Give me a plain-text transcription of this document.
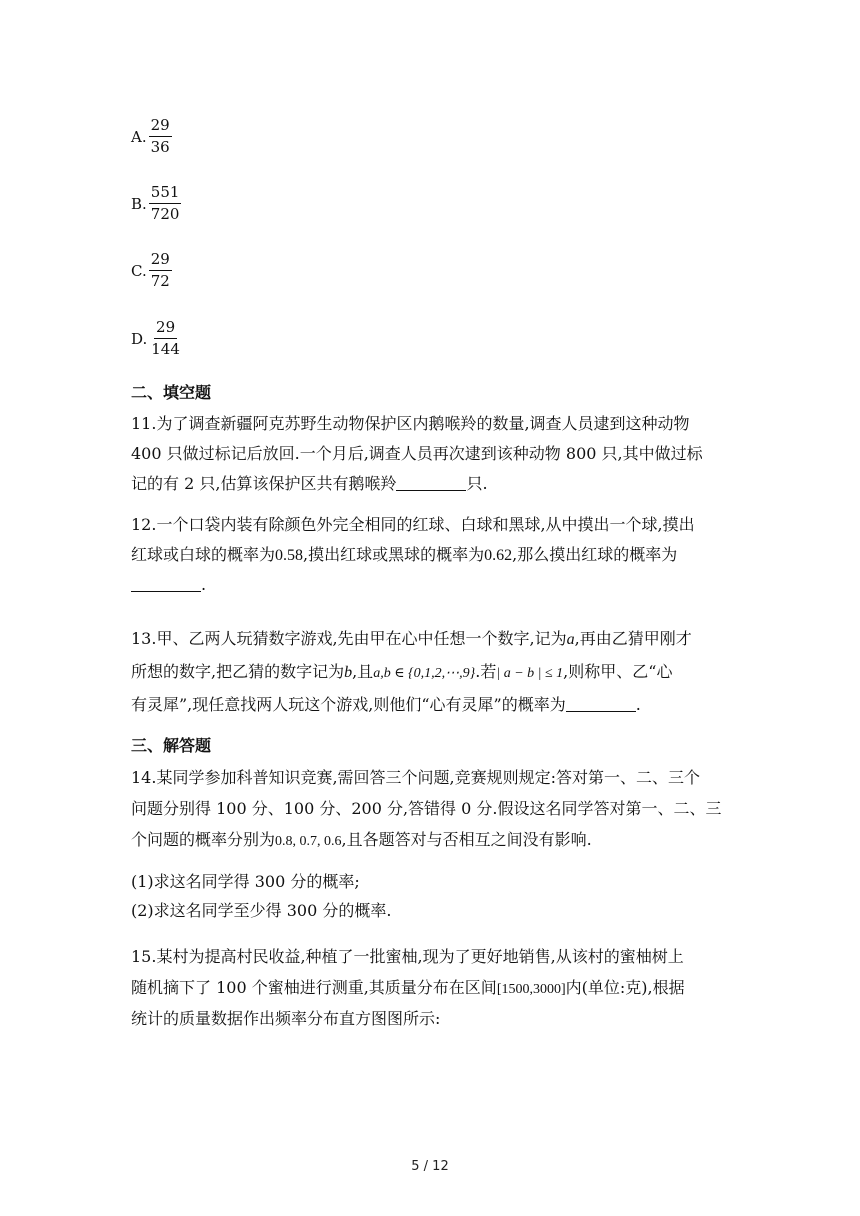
A. $\frac{29}{36}$
B. $\frac{551}{720}$
C. $\frac{29}{72}$
D. $\frac{29}{144}$
二、填空题
11.为了调查新疆阿克苏野生动物保护区内鹅喉羚的数量,调查人员逮到这种动物
400 只做过标记后放回.一个月后,调查人员再次逮到该种动物 800 只,其中做过标
记的有 2 只,估算该保护区共有鹅喉羚	只.
12.一个口袋内装有除颜色外完全相同的红球、白球和黑球,从中摸出一个球,摸出
红球或白球的概率为0.58,摸出红球或黑球的概率为0.62,那么摸出红球的概率为
.
13.甲、乙两人玩猜数字游戏,先由甲在心中任想一个数字,记为a,再由乙猜甲刚才
所想的数字,把乙猜的数字记为b,且a,b ∈ {0,1,2,⋯,9}.若| a − b | ≤ 1,则称甲、乙“心
有灵犀”,现任意找两人玩这个游戏,则他们“心有灵犀”的概率为	.
三、解答题
14.某同学参加科普知识竞赛,需回答三个问题,竞赛规则规定:答对第一、二、三个
问题分别得 100 分、100 分、200 分,答错得 0 分.假设这名同学答对第一、二、三
个问题的概率分别为0.8, 0.7, 0.6,且各题答对与否相互之间没有影响.
(1)求这名同学得 300 分的概率;
(2)求这名同学至少得 300 分的概率.
15.某村为提高村民收益,种植了一批蜜柚,现为了更好地销售,从该村的蜜柚树上
随机摘下了 100 个蜜柚进行测重,其质量分布在区间[1500,3000]内(单位:克),根据
统计的质量数据作出频率分布直方图图所示:
5 / 12
